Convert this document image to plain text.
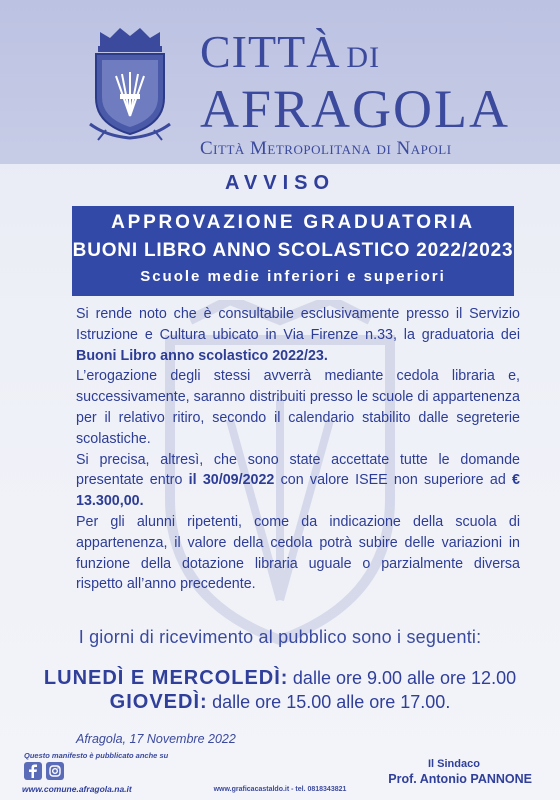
CITTÀ DI
AFRAGOLA
Città Metropolitana di Napoli
AVVISO
APPROVAZIONE GRADUATORIA
BUONI LIBRO ANNO SCOLASTICO 2022/2023
Scuole medie inferiori e superiori

Si rende noto che è consultabile esclusivamente presso il Servizio Istruzione e Cultura ubicato in Via Firenze n.33, la graduatoria dei Buoni Libro anno scolastico 2022/23.

L’erogazione degli stessi avverrà mediante cedola libraria e, successivamente, saranno distribuiti presso le scuole di appartenenza per il relativo ritiro, secondo il calendario stabilito dalle segreterie scolastiche.

Si precisa, altresì, che sono state accettate tutte le domande presentate entro il 30/09/2022 con valore ISEE non superiore ad € 13.300,00.

Per gli alunni ripetenti, come da indicazione della scuola di appartenenza, il valore della cedola potrà subire delle variazioni in funzione della dotazione libraria uguale o parzialmente diversa rispetto all’anno precedente.

I giorni di ricevimento al pubblico sono i seguenti:
LUNEDÌ E MERCOLEDÌ: dalle ore 9.00 alle ore 12.00
GIOVEDÌ: dalle ore 15.00 alle ore 17.00.
Afragola, 17 Novembre 2022
Questo manifesto è pubblicato anche su
www.comune.afragola.na.it
Il Sindaco
Prof. Antonio PANNONE
www.graficacastaldo.it - tel. 0818343821
